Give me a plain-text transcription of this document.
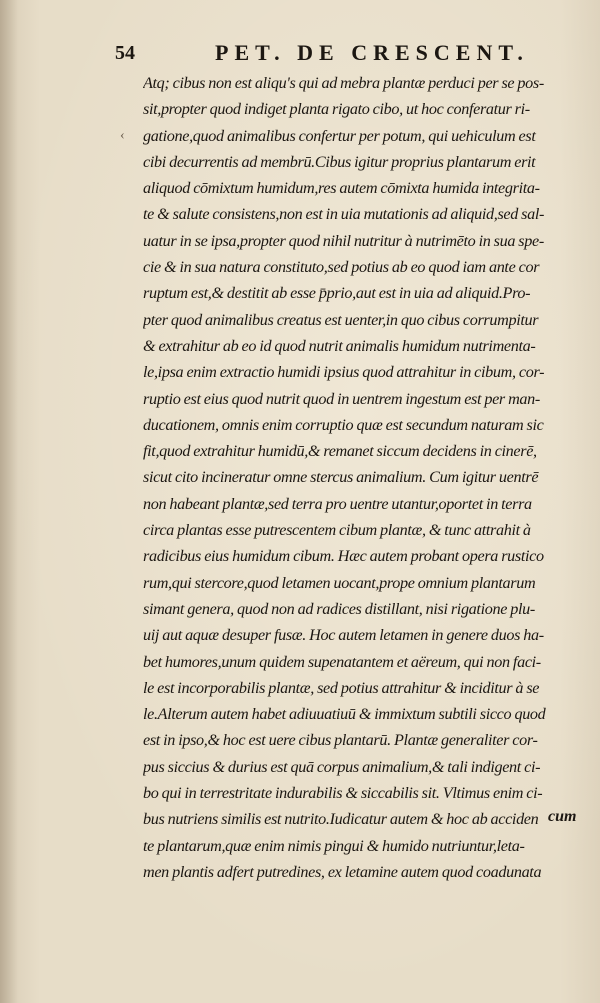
54	PET. DE CRESCENT.
‹
Atq; cibus non est aliqu's qui ad mebra plantæ perduci per se pos-
sit,propter quod indiget planta rigato cibo, ut hoc conferatur ri-
gatione,quod animalibus confertur per potum, qui uehiculum est
cibi decurrentis ad membrū.Cibus igitur proprius plantarum erit
aliquod cōmixtum humidum,res autem cōmixta humida integrita-
te & salute consistens,non est in uia mutationis ad aliquid,sed sal-
uatur in se ipsa,propter quod nihil nutritur à nutrimēto in sua spe-
cie & in sua natura constituto,sed potius ab eo quod iam ante cor
ruptum est,& destitit ab esse p̄prio,aut est in uia ad aliquid.Pro-
pter quod animalibus creatus est uenter,in quo cibus corrumpitur
& extrahitur ab eo id quod nutrit animalis humidum nutrimenta-
le,ipsa enim extractio humidi ipsius quod attrahitur in cibum, cor-
ruptio est eius quod nutrit quod in uentrem ingestum est per man-
ducationem, omnis enim corruptio quæ est secundum naturam sic
fit,quod extrahitur humidū,& remanet siccum decidens in cinerē,
sicut cito incineratur omne stercus animalium. Cum igitur uentrē
non habeant plantæ,sed terra pro uentre utantur,oportet in terra
circa plantas esse putrescentem cibum plantæ, & tunc attrahit à
radicibus eius humidum cibum. Hæc autem probant opera rustico
rum,qui stercore,quod letamen uocant,prope omnium plantarum
simant genera, quod non ad radices distillant, nisi rigatione plu-
uij aut aquæ desuper fusæ. Hoc autem letamen in genere duos ha-
bet humores,unum quidem supenatantem et aëreum, qui non faci-
le est incorporabilis plantæ, sed potius attrahitur & inciditur à se
le.Alterum autem habet adiuuatiuū & immixtum subtili sicco quod
est in ipso,& hoc est uere cibus plantarū. Plantæ generaliter cor-
pus siccius & durius est quā corpus animalium,& tali indigent ci-
bo qui in terrestritate indurabilis & siccabilis sit. Vltimus enim ci-
bus nutriens similis est nutrito.Iudicatur autem & hoc ab acciden
te plantarum,quæ enim nimis pingui & humido nutriuntur,leta-
men plantis adfert putredines, ex letamine autem quod coadunata
cum
